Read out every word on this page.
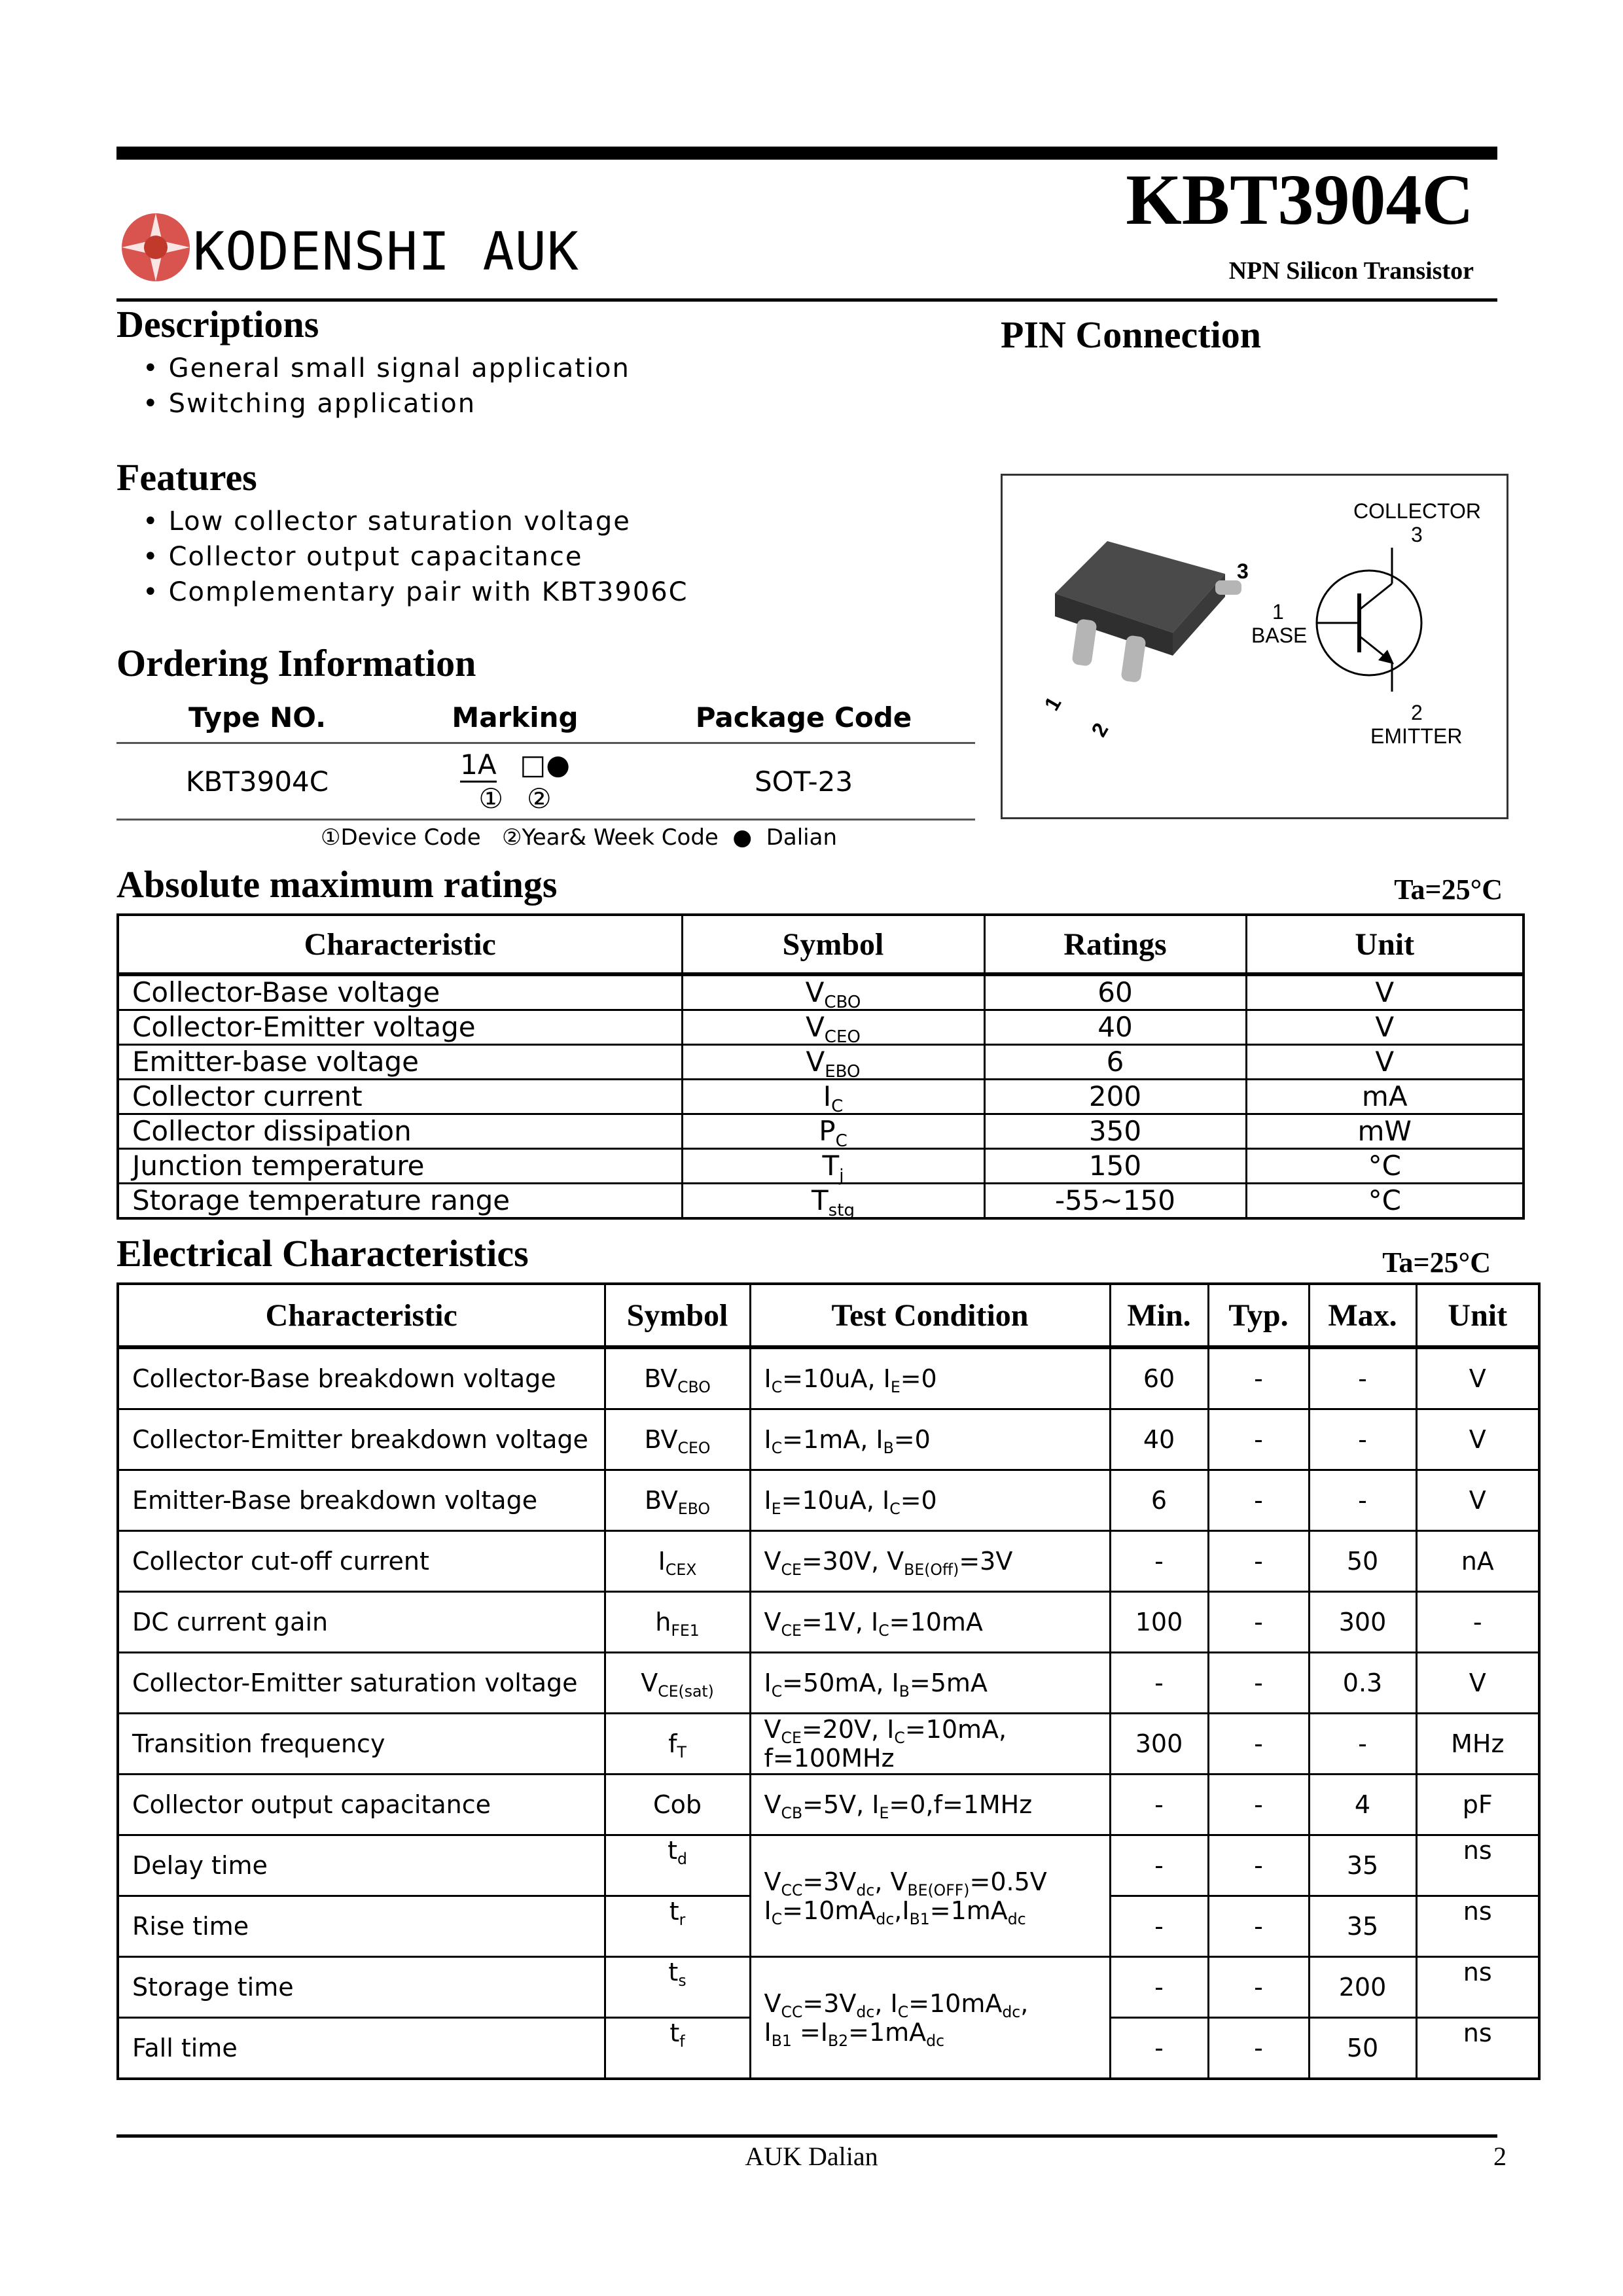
KODENSHI AUK
KBT3904C
NPN Silicon Transistor
Descriptions
• General small signal application
• Switching application
Features
• Low collector saturation voltage
• Collector output capacitance
• Complementary pair with KBT3906C
PIN Connection
COLLECTOR
3
1
BASE
2
EMITTER
3
1
2
Ordering Information
Type NO.	Marking	Package Code
KBT3904C	1A □●
① ②	SOT-23
①Device Code   ②Year& Week Code  ●  Dalian
Absolute maximum ratings	Ta=25°C
Characteristic	Symbol	Ratings	Unit
Collector-Base voltage	$V_{CBO}$	60	V
Collector-Emitter voltage	$V_{CEO}$	40	V
Emitter-base voltage	$V_{EBO}$	6	V
Collector current	$I_C$	200	mA
Collector dissipation	$P_C$	350	mW
Junction temperature	$T_j$	150	°C
Storage temperature range	$T_{stg}$	-55~150	°C
Electrical Characteristics	Ta=25°C
Characteristic	Symbol	Test Condition	Min.	Typ.	Max.	Unit
Collector-Base breakdown voltage	$BV_{CBO}$	$I_C=10uA$, $I_E=0$	60	-	-	V
Collector-Emitter breakdown voltage	$BV_{CEO}$	$I_C=1mA$, $I_B=0$	40	-	-	V
Emitter-Base breakdown voltage	$BV_{EBO}$	$I_E=10uA$, $I_C=0$	6	-	-	V
Collector cut-off current	$I_{CEX}$	$V_{CE}=30V$, $V_{BE(Off)}=3V$	-	-	50	nA
DC current gain	$h_{FE1}$	$V_{CE}=1V$, $I_C=10mA$	100	-	300	-
Collector-Emitter saturation voltage	$V_{CE(sat)}$	$I_C=50mA$, $I_B=5mA$	-	-	0.3	V
Transition frequency	$f_T$	$V_{CE}=20V$, $I_C=10mA$,
f=100MHz	300	-	-	MHz
Collector output capacitance	Cob	$V_{CB}=5V$, $I_E=0,f=1MHz$	-	-	4	pF
Delay time	$t_d$	$V_{CC}=3V_{dc}$, $V_{BE(OFF)}=0.5V$
$I_C=10mA_{dc},I_{B1}=1mA_{dc}$	-	-	35	ns
Rise time	$t_r$		-	-	35	ns
Storage time	$t_s$	$V_{CC}=3V_{dc}$, $I_C=10mA_{dc}$,
$I_{B1} =I_{B2}=1mA_{dc}$	-	-	200	ns
Fall time	$t_f$		-	-	50	ns
AUK Dalian	2
